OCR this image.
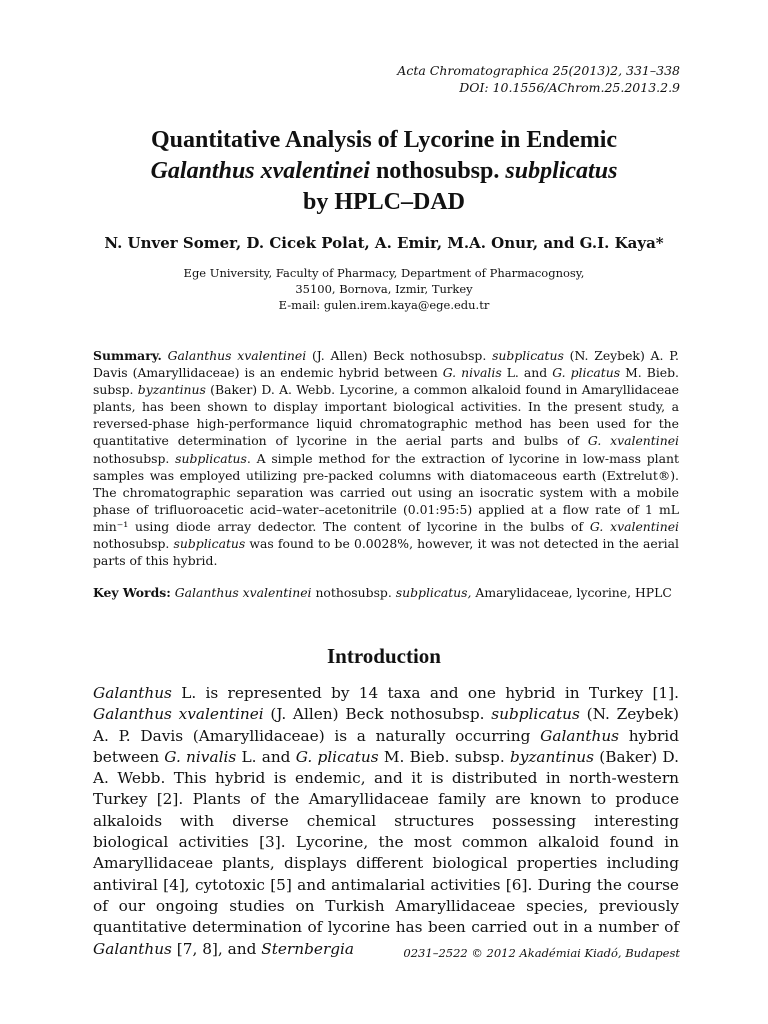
Acta Chromatographica 25(2013)2, 331–338
DOI: 10.1556/AChrom.25.2013.2.9
Quantitative Analysis of Lycorine in Endemic
Galanthus xvalentinei nothosubsp. subplicatus
by HPLC–DAD
N. Unver Somer, D. Cicek Polat, A. Emir, M.A. Onur, and G.I. Kaya*
Ege University, Faculty of Pharmacy, Department of Pharmacognosy,
35100, Bornova, Izmir, Turkey
E-mail: gulen.irem.kaya@ege.edu.tr
Summary. Galanthus xvalentinei (J. Allen) Beck nothosubsp. subplicatus (N. Zeybek) A. P. Davis (Amaryllidaceae) is an endemic hybrid between G. nivalis L. and G. plicatus M. Bieb. subsp. byzantinus (Baker) D. A. Webb. Lycorine, a common alkaloid found in Amaryllidaceae plants, has been shown to display important biological activities. In the present study, a reversed-phase high-performance liquid chromatographic method has been used for the quantitative determination of lycorine in the aerial parts and bulbs of G. xvalentinei nothosubsp. subplicatus. A simple method for the extraction of lycorine in low-mass plant samples was employed utilizing pre-packed columns with diatomaceous earth (Extrelut®). The chromatographic separation was carried out using an isocratic system with a mobile phase of trifluoroacetic acid–water–acetonitrile (0.01:95:5) applied at a flow rate of 1 mL min⁻¹ using diode array dedector. The content of lycorine in the bulbs of G. xvalentinei nothosubsp. subplicatus was found to be 0.0028%, however, it was not detected in the aerial parts of this hybrid.
Key Words: Galanthus xvalentinei nothosubsp. subplicatus, Amarylidaceae, lycorine, HPLC
Introduction
Galanthus L. is represented by 14 taxa and one hybrid in Turkey [1]. Galanthus xvalentinei (J. Allen) Beck nothosubsp. subplicatus (N. Zeybek) A. P. Davis (Amaryllidaceae) is a naturally occurring Galanthus hybrid between G. nivalis L. and G. plicatus M. Bieb. subsp. byzantinus (Baker) D. A. Webb. This hybrid is endemic, and it is distributed in north-western Turkey [2]. Plants of the Amaryllidaceae family are known to produce alkaloids with diverse chemical structures possessing interesting biological activities [3]. Lycorine, the most common alkaloid found in Amaryllidaceae plants, displays different biological properties including antiviral [4], cytotoxic [5] and antimalarial activities [6]. During the course of our ongoing studies on Turkish Amaryllidaceae species, previously quantitative determination of lycorine has been carried out in a number of Galanthus [7, 8], and Sternbergia	0231–2522 © 2012 Akadémiai Kiadó, Budapest
